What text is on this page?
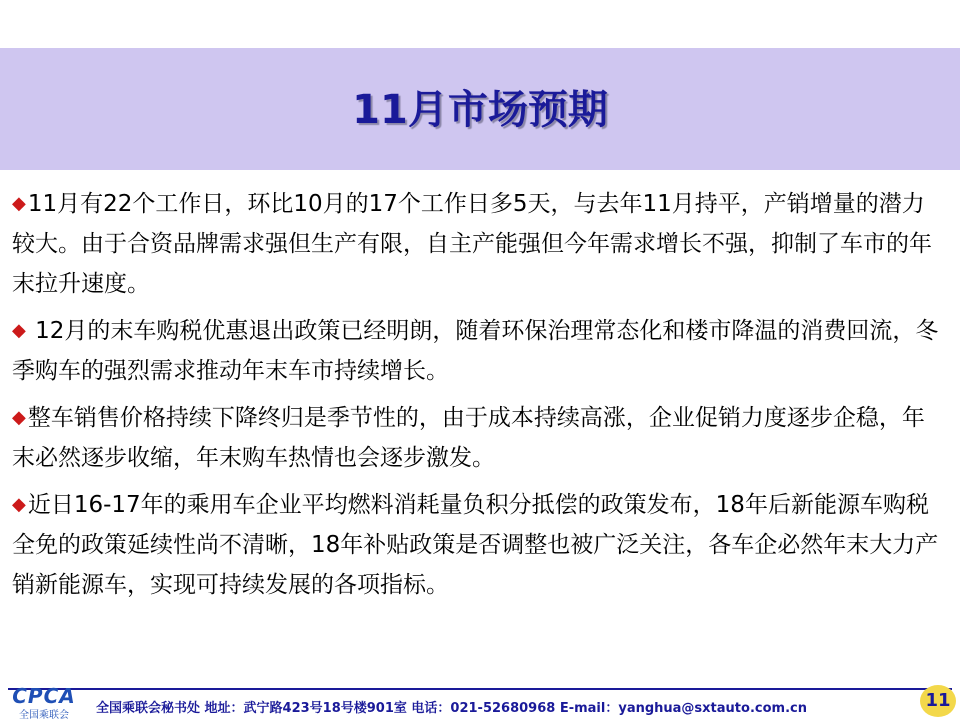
11月市场预期

◆11月有22个工作日，环比10月的17个工作日多5天，与去年11月持平，产销增量的潜力较大。由于合资品牌需求强但生产有限，自主产能强但今年需求增长不强，抑制了车市的年末拉升速度。

◆ 12月的末车购税优惠退出政策已经明朗，随着环保治理常态化和楼市降温的消费回流，冬季购车的强烈需求推动年末车市持续增长。

◆整车销售价格持续下降终归是季节性的，由于成本持续高涨，企业促销力度逐步企稳，年末必然逐步收缩，年末购车热情也会逐步激发。

◆近日16-17年的乘用车企业平均燃料消耗量负积分抵偿的政策发布，18年后新能源车购税全免的政策延续性尚不清晰，18年补贴政策是否调整也被广泛关注，各车企必然年末大力产销新能源车，实现可持续发展的各项指标。

CPCA
全国乘联会	全国乘联会秘书处 地址：武宁路423号18号楼901室 电话：021-52680968 E-mail：yanghua@sxtauto.com.cn	11
